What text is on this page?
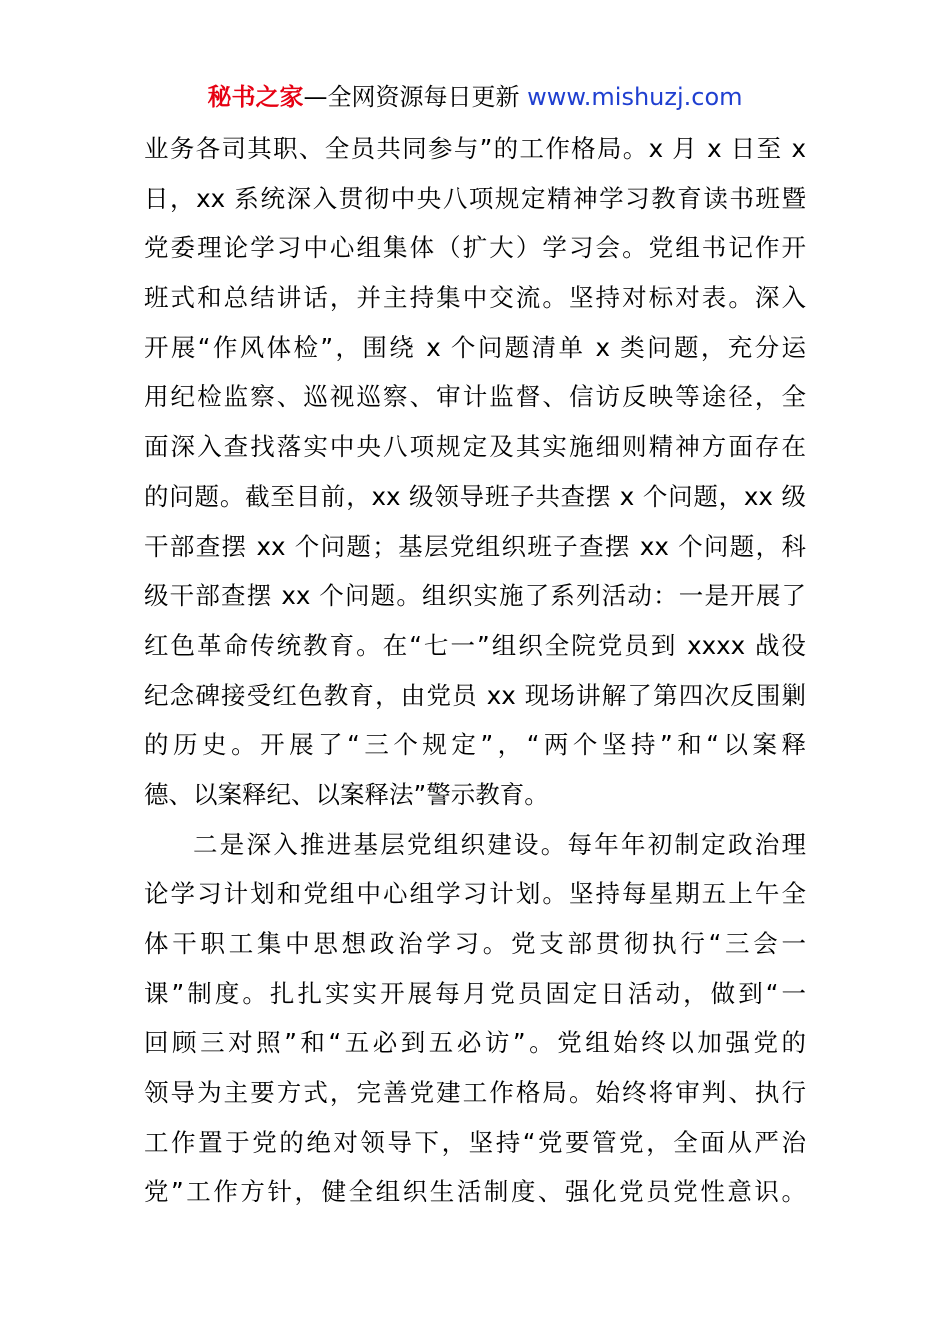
秘书之家—全网资源每日更新 www.mishuzj.com
业务各司其职、全员共同参与”的工作格局。x 月 x 日至 x
日，xx 系统深入贯彻中央八项规定精神学习教育读书班暨
党委理论学习中心组集体（扩大）学习会。党组书记作开
班式和总结讲话，并主持集中交流。坚持对标对表。深入
开展“作风体检”，围绕 x 个问题清单 x 类问题，充分运
用纪检监察、巡视巡察、审计监督、信访反映等途径，全
面深入查找落实中央八项规定及其实施细则精神方面存在
的问题。截至目前，xx 级领导班子共查摆 x 个问题，xx 级
干部查摆 xx 个问题；基层党组织班子查摆 xx 个问题，科
级干部查摆 xx 个问题。组织实施了系列活动：一是开展了
红色革命传统教育。在“七一”组织全院党员到 xxxx 战役
纪念碑接受红色教育，由党员 xx 现场讲解了第四次反围剿
的历史。开展了“三个规定”，“两个坚持”和“以案释
德、以案释纪、以案释法”警示教育。
二是深入推进基层党组织建设。每年年初制定政治理
论学习计划和党组中心组学习计划。坚持每星期五上午全
体干职工集中思想政治学习。党支部贯彻执行“三会一
课”制度。扎扎实实开展每月党员固定日活动，做到“一
回顾三对照”和“五必到五必访”。党组始终以加强党的
领导为主要方式，完善党建工作格局。始终将审判、执行
工作置于党的绝对领导下，坚持“党要管党，全面从严治
党”工作方针，健全组织生活制度、强化党员党性意识。
